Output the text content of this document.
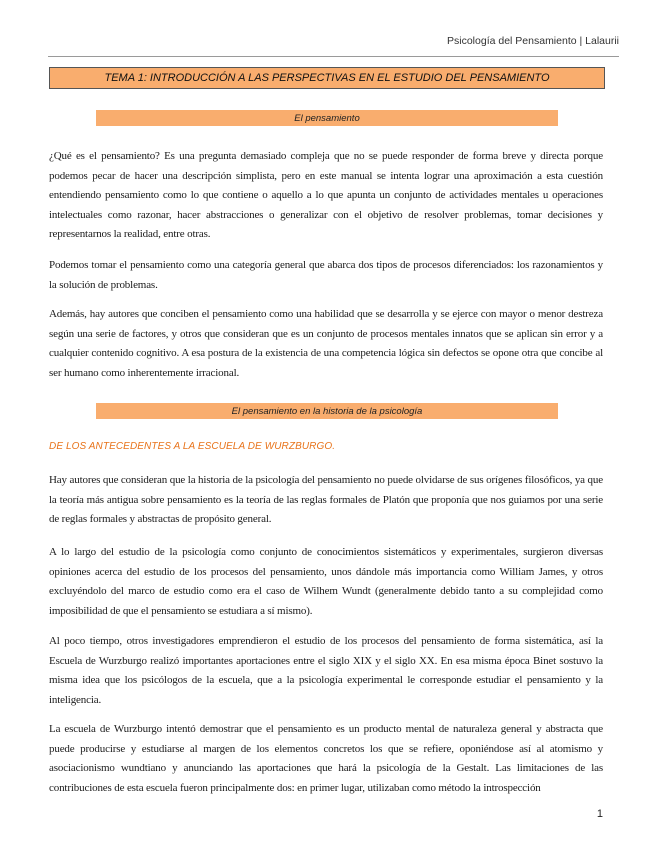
Psicología del Pensamiento | Lalaurii
TEMA 1: INTRODUCCIÓN A LAS PERSPECTIVAS EN EL ESTUDIO DEL PENSAMIENTO
El pensamiento

¿Qué es el pensamiento? Es una pregunta demasiado compleja que no se puede responder de forma breve y directa porque podemos pecar de hacer una descripción simplista, pero en este manual se intenta lograr una aproximación a esta cuestión entendiendo pensamiento como lo que contiene o aquello a lo que apunta un conjunto de actividades mentales u operaciones intelectuales como razonar, hacer abstracciones o generalizar con el objetivo de resolver problemas, tomar decisiones y representarnos la realidad, entre otras.

Podemos tomar el pensamiento como una categoría general que abarca dos tipos de procesos diferenciados: los razonamientos y la solución de problemas.

Además, hay autores que conciben el pensamiento como una habilidad que se desarrolla y se ejerce con mayor o menor destreza según una serie de factores, y otros que consideran que es un conjunto de procesos mentales innatos que se aplican sin error y a cualquier contenido cognitivo. A esa postura de la existencia de una competencia lógica sin defectos se opone otra que concibe al ser humano como inherentemente irracional.

El pensamiento en la historia de la psicología
DE LOS ANTECEDENTES A LA ESCUELA DE WURZBURGO.

Hay autores que consideran que la historia de la psicología del pensamiento no puede olvidarse de sus orígenes filosóficos, ya que la teoría más antigua sobre pensamiento es la teoría de las reglas formales de Platón que proponía que nos guiamos por una serie de reglas formales y abstractas de propósito general.

A lo largo del estudio de la psicología como conjunto de conocimientos sistemáticos y experimentales, surgieron diversas opiniones acerca del estudio de los procesos del pensamiento, unos dándole más importancia como William James, y otros excluyéndolo del marco de estudio como era el caso de Wilhem Wundt (generalmente debido tanto a su complejidad como imposibilidad de que el pensamiento se estudiara a sí mismo).

Al poco tiempo, otros investigadores emprendieron el estudio de los procesos del pensamiento de forma sistemática, así la Escuela de Wurzburgo realizó importantes aportaciones entre el siglo XIX y el siglo XX. En esa misma época Binet sostuvo la misma idea que los psicólogos de la escuela, que a la psicología experimental le corresponde estudiar el pensamiento y la inteligencia.

La escuela de Wurzburgo intentó demostrar que el pensamiento es un producto mental de naturaleza general y abstracta que puede producirse y estudiarse al margen de los elementos concretos los que se refiere, oponiéndose así al atomismo y asociacionismo wundtiano y anunciando las aportaciones que hará la psicología de la Gestalt. Las limitaciones de las contribuciones de esta escuela fueron principalmente dos: en primer lugar, utilizaban como método la introspección

1
